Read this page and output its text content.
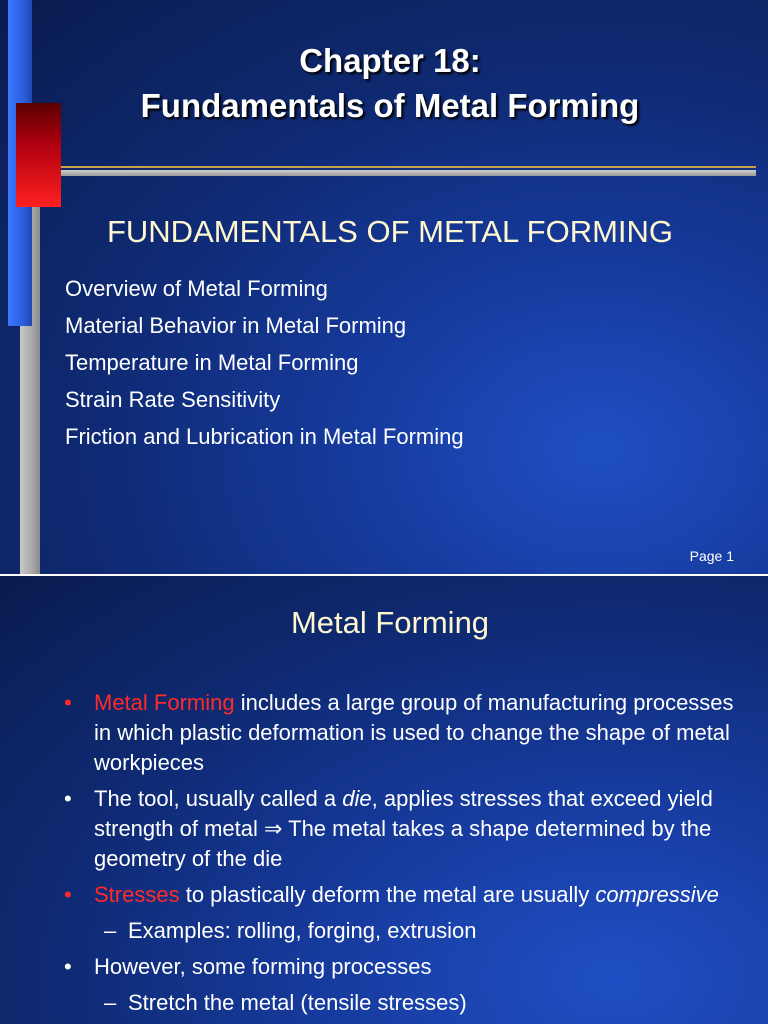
Chapter 18:
Fundamentals of Metal Forming
FUNDAMENTALS OF METAL FORMING
Overview of Metal Forming
Material Behavior in Metal Forming
Temperature in Metal Forming
Strain Rate Sensitivity
Friction and Lubrication in Metal Forming
Page 1
Metal Forming
• Metal Forming includes a large group of manufacturing processes in which plastic deformation is used to change the shape of metal workpieces
• The tool, usually called a die, applies stresses that exceed yield strength of metal ⇒ The metal takes a shape determined by the geometry of the die
• Stresses to plastically deform the metal are usually compressive
– Examples: rolling, forging, extrusion
• However, some forming processes
– Stretch the metal (tensile stresses)
